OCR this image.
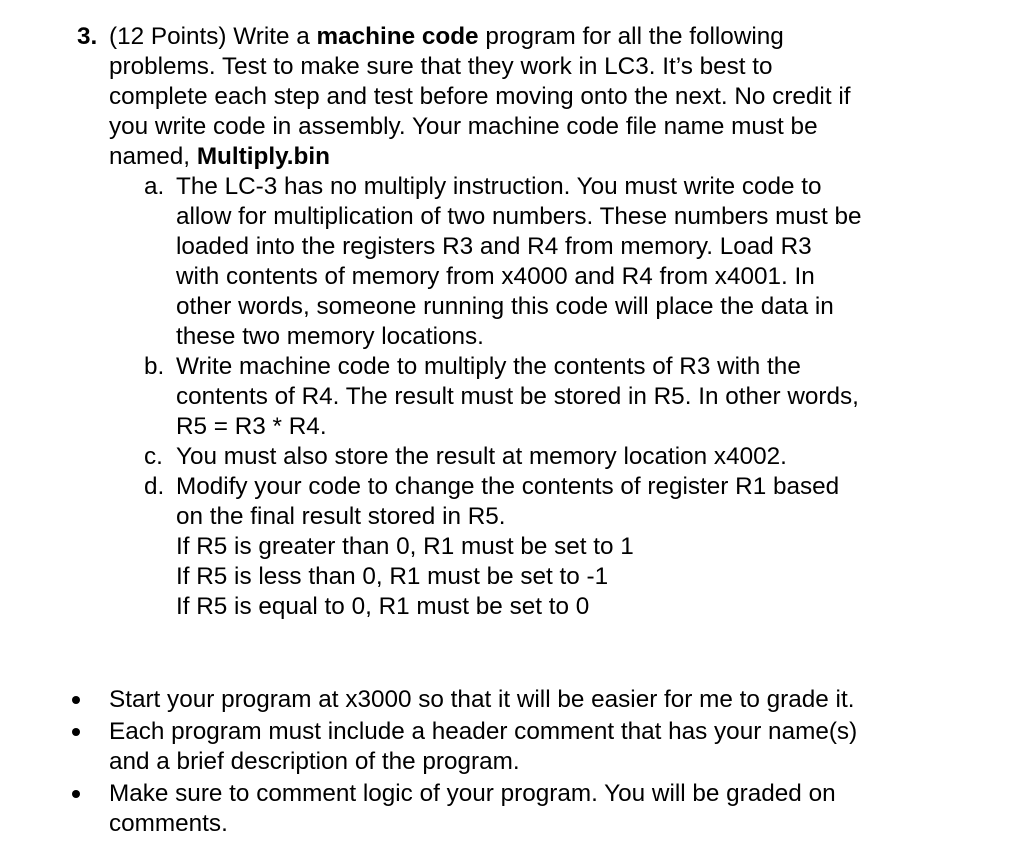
3. (12 Points) Write a machine code program for all the following
problems. Test to make sure that they work in LC3. It’s best to
complete each step and test before moving onto the next. No credit if
you write code in assembly. Your machine code file name must be
named, Multiply.bin
a. The LC-3 has no multiply instruction. You must write code to
allow for multiplication of two numbers. These numbers must be
loaded into the registers R3 and R4 from memory. Load R3
with contents of memory from x4000 and R4 from x4001. In
other words, someone running this code will place the data in
these two memory locations.
b. Write machine code to multiply the contents of R3 with the
contents of R4. The result must be stored in R5. In other words,
R5 = R3 * R4.
c. You must also store the result at memory location x4002.
d. Modify your code to change the contents of register R1 based
on the final result stored in R5.
If R5 is greater than 0, R1 must be set to 1
If R5 is less than 0, R1 must be set to -1
If R5 is equal to 0, R1 must be set to 0
Start your program at x3000 so that it will be easier for me to grade it.
Each program must include a header comment that has your name(s)
and a brief description of the program.
Make sure to comment logic of your program. You will be graded on
comments.
